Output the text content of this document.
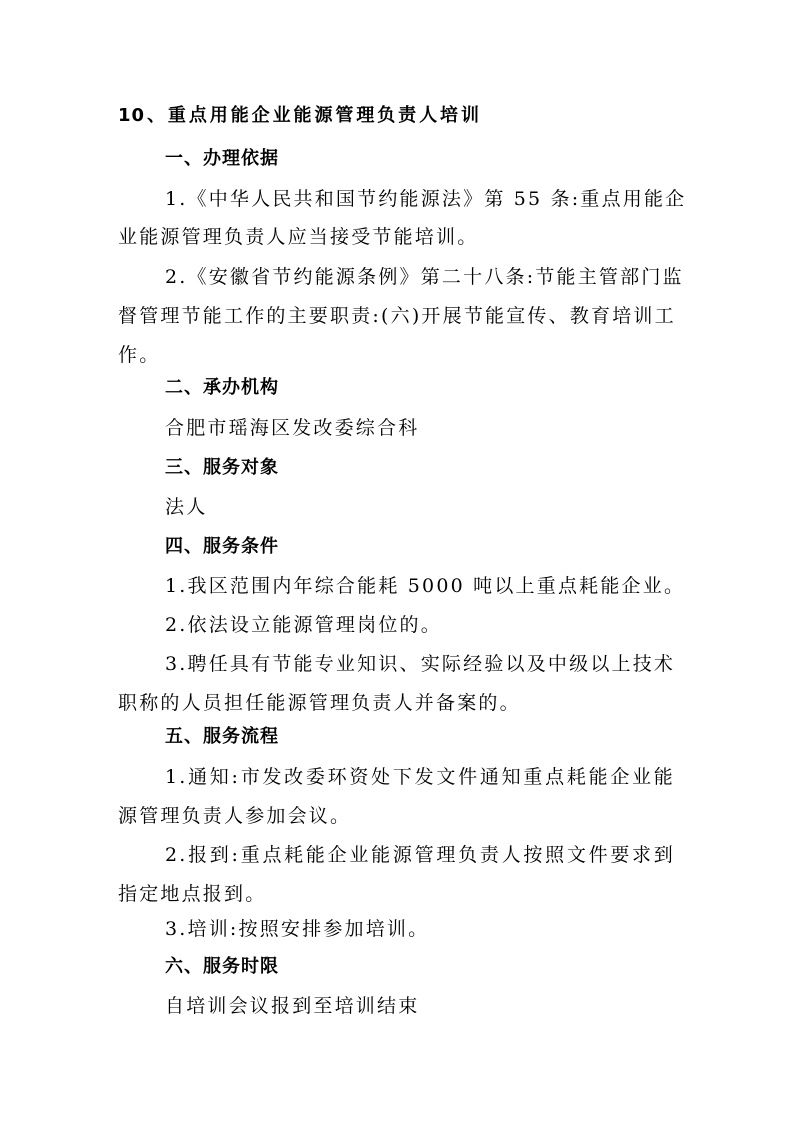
10、重点用能企业能源管理负责人培训
一、办理依据
1.《中华人民共和国节约能源法》第 55 条:重点用能企
业能源管理负责人应当接受节能培训。
2.《安徽省节约能源条例》第二十八条:节能主管部门监
督管理节能工作的主要职责:(六)开展节能宣传、教育培训工
作。
二、承办机构
合肥市瑶海区发改委综合科
三、服务对象
法人
四、服务条件
1.我区范围内年综合能耗 5000 吨以上重点耗能企业。
2.依法设立能源管理岗位的。
3.聘任具有节能专业知识、实际经验以及中级以上技术
职称的人员担任能源管理负责人并备案的。
五、服务流程
1.通知:市发改委环资处下发文件通知重点耗能企业能
源管理负责人参加会议。
2.报到:重点耗能企业能源管理负责人按照文件要求到
指定地点报到。
3.培训:按照安排参加培训。
六、服务时限
自培训会议报到至培训结束
